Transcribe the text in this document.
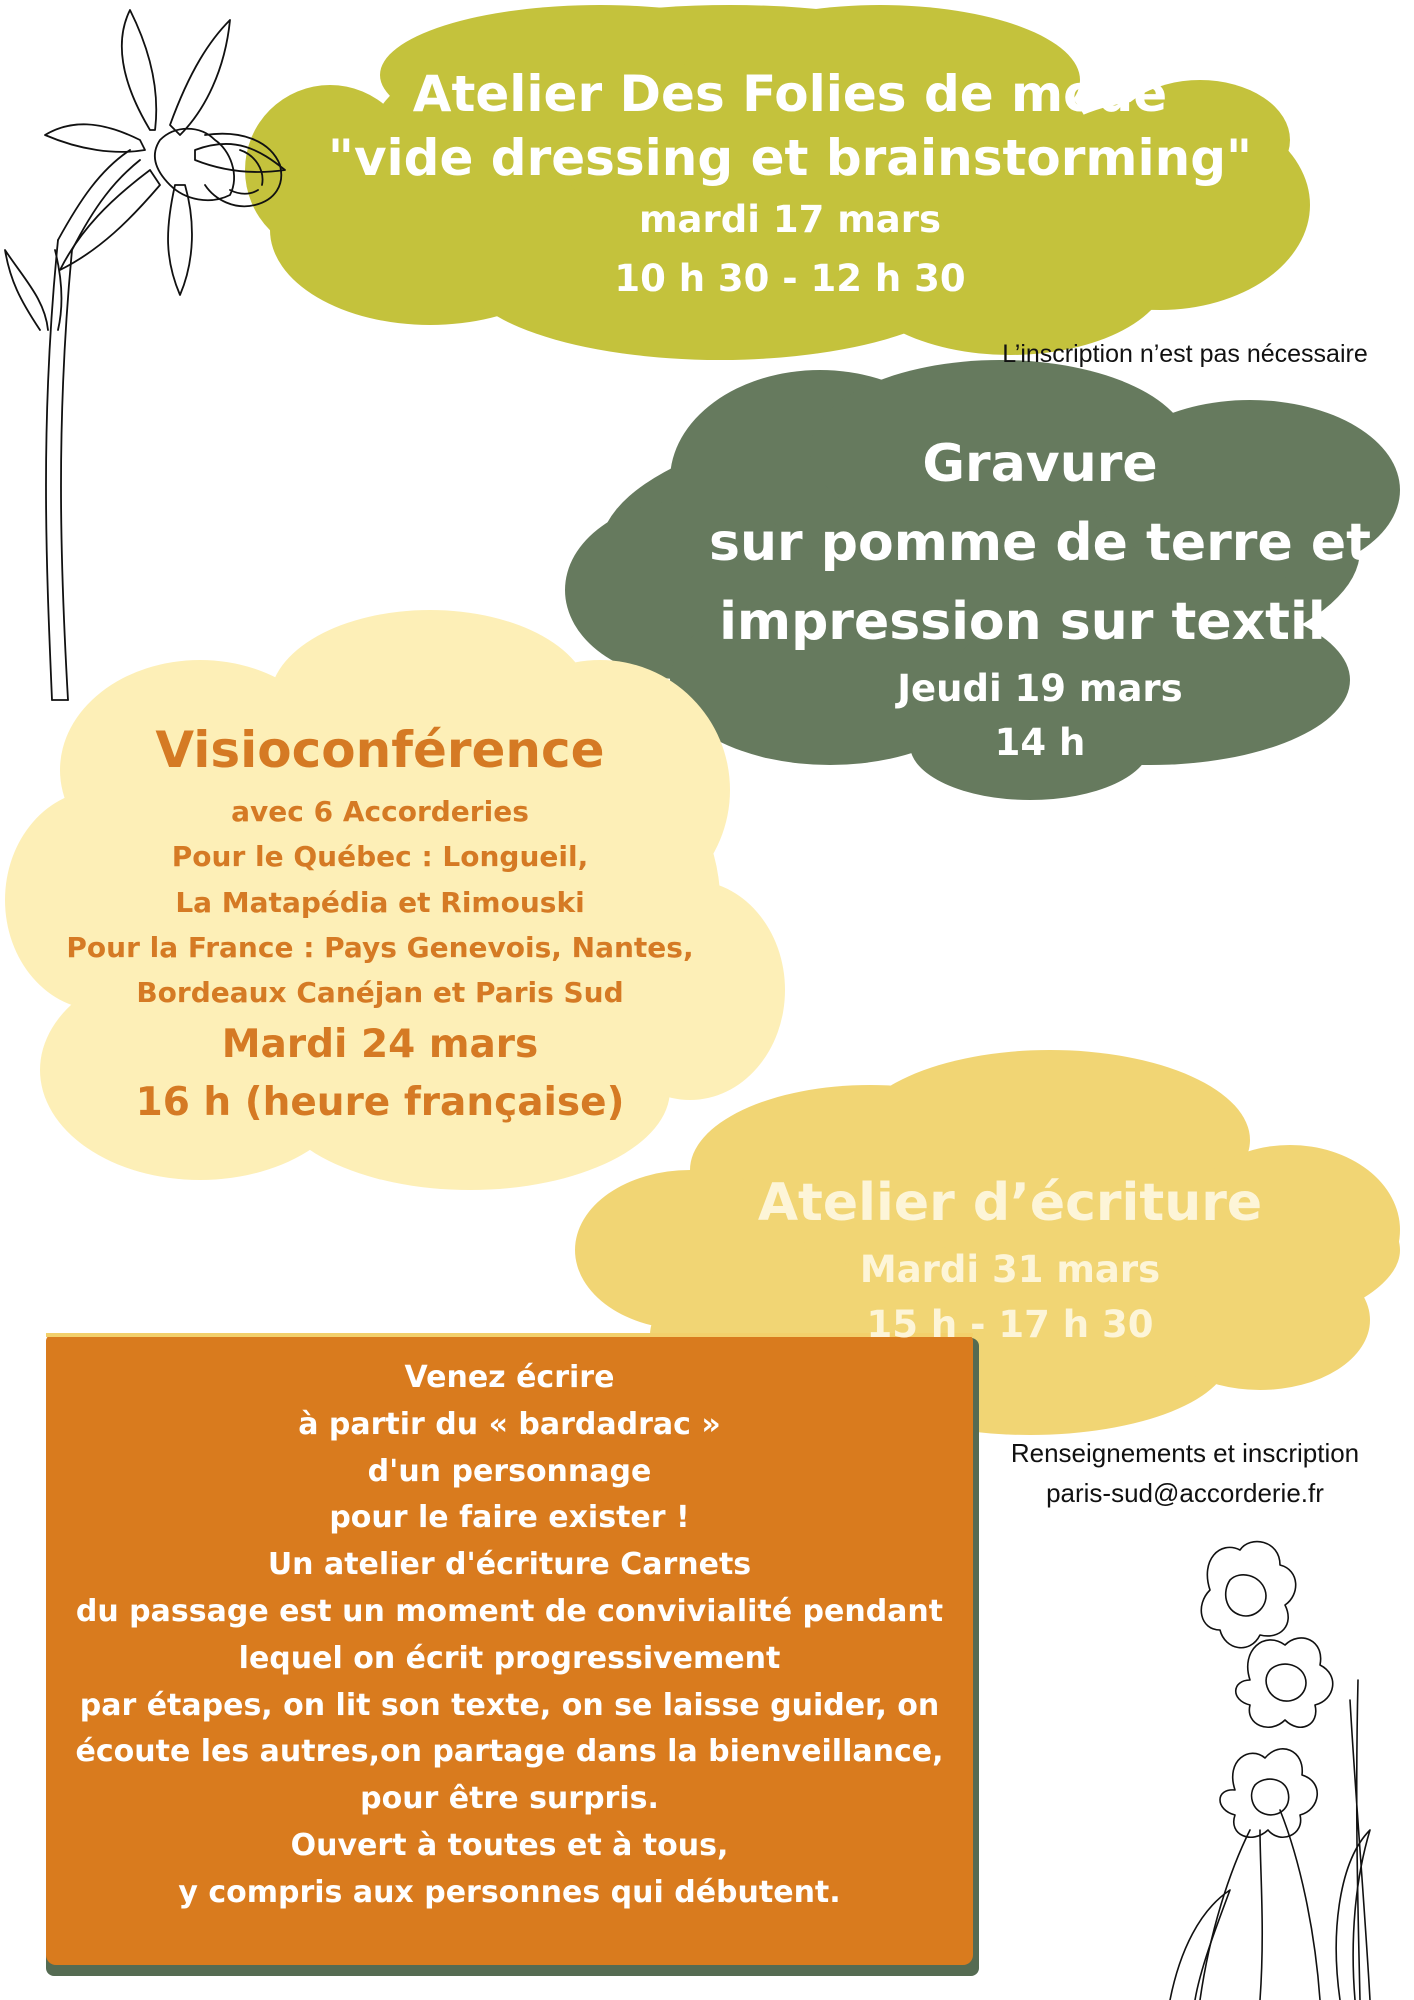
Atelier Des Folies de mode
"vide dressing et brainstorming"
mardi 17 mars
10 h 30 - 12 h 30
L’inscription n’est pas nécessaire
Gravure
sur pomme de terre et
impression sur textile
Jeudi 19 mars
14 h
Visioconférence
avec 6 Accorderies
Pour le Québec : Longueil,
La Matapédia et Rimouski
Pour la France : Pays Genevois, Nantes,
Bordeaux Canéjan et Paris Sud
Mardi 24 mars
16 h (heure française)
Atelier d’écriture
Mardi 31 mars
15 h - 17 h 30
Venez écrire
à partir du « bardadrac »
d'un personnage
pour le faire exister !
Un atelier d'écriture Carnets
du passage est un moment de convivialité pendant
lequel on écrit progressivement
par étapes, on lit son texte, on se laisse guider, on
écoute les autres,on partage dans la bienveillance,
pour être surpris.
Ouvert à toutes et à tous,
y compris aux personnes qui débutent.
Renseignements et inscription
paris-sud@accorderie.fr
